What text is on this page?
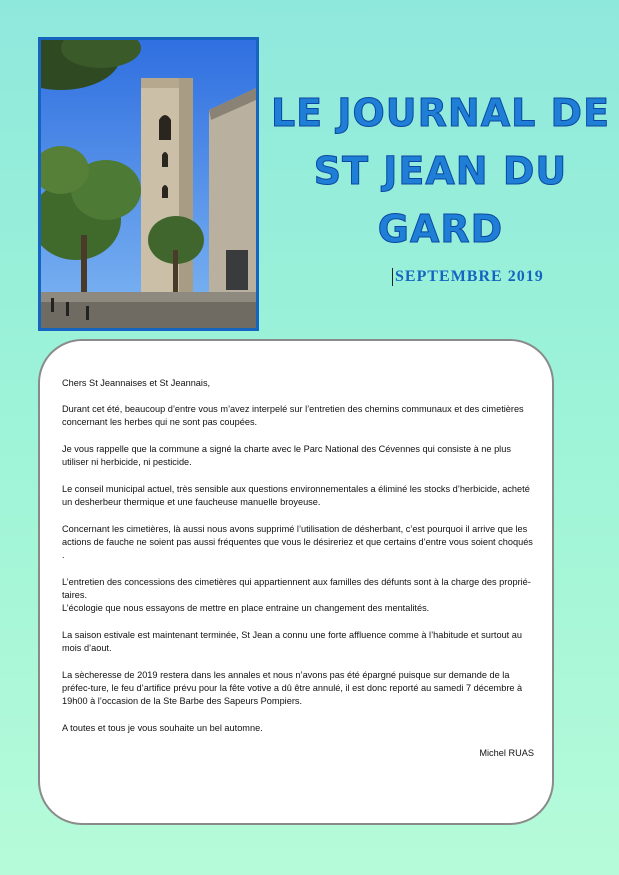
LE JOURNAL DE
ST JEAN DU
GARD
SEPTEMBRE 2019

Chers St Jeannaises et St Jeannais,

Durant cet été, beaucoup d’entre vous m’avez interpelé sur l’entretien des chemins communaux et des cimetières concernant les herbes qui ne sont pas coupées.

Je vous rappelle que la commune a signé la charte avec le Parc National des Cévennes qui consiste à ne plus utiliser ni herbicide, ni pesticide.

Le conseil municipal actuel, très sensible aux questions environnementales a éliminé les stocks d’herbicide, acheté un desherbeur thermique et une faucheuse manuelle broyeuse.

Concernant les cimetières, là aussi nous avons supprimé l’utilisation de désherbant, c’est pourquoi il arrive que les actions de fauche ne soient pas aussi fréquentes que vous le désireriez et que certains d’entre vous soient choqués .

L’entretien des concessions des cimetières qui appartiennent aux familles des défunts sont à la charge des proprié-taires.

L’écologie que nous essayons de mettre en place entraine un changement des mentalités.

La saison estivale est maintenant terminée, St Jean a connu une forte affluence comme à l’habitude et surtout au mois d’aout.

La sècheresse de 2019 restera dans les annales et nous n’avons pas été épargné puisque sur demande de la préfec-ture, le feu d’artifice prévu pour la fête votive a dû être annulé, il est donc reporté au samedi 7 décembre à 19h00 à l’occasion de la Ste Barbe des Sapeurs Pompiers.

A toutes et tous je vous souhaite un bel automne.

Michel RUAS
